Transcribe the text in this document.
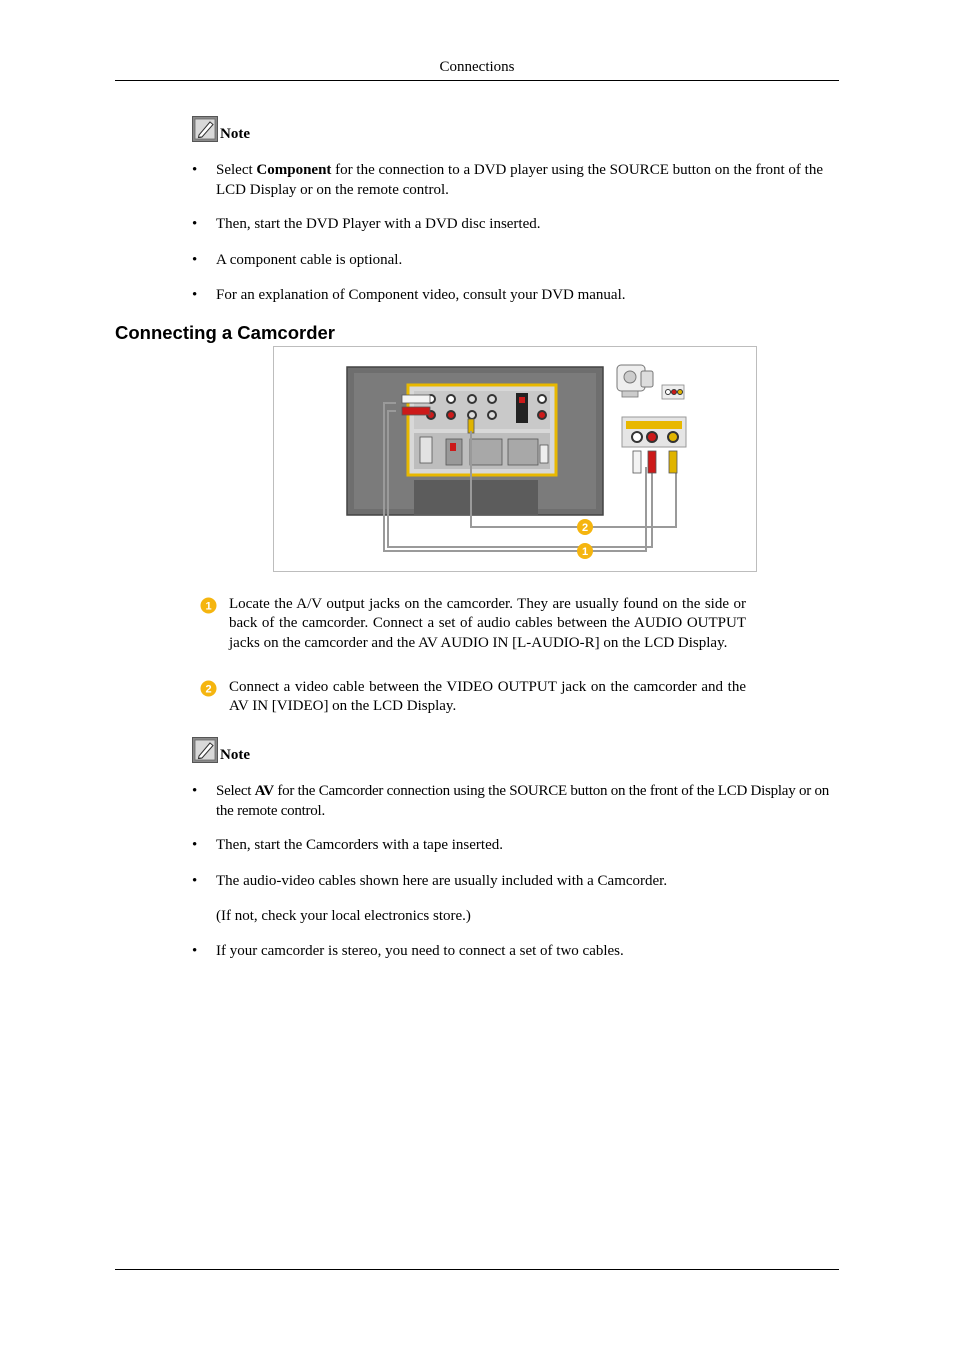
Connections
Note
• Select Component for the connection to a DVD player using the SOURCE button on the front of the LCD Display or on the remote control.
• Then, start the DVD Player with a DVD disc inserted.
• A component cable is optional.
• For an explanation of Component video, consult your DVD manual.
Connecting a Camcorder
2
1
1 Locate the A/V output jacks on the camcorder. They are usually found on the side or back of the camcorder. Connect a set of audio cables between the AUDIO OUTPUT jacks on the camcorder and the AV AUDIO IN [L-AUDIO-R] on the LCD Display.
2 Connect a video cable between the VIDEO OUTPUT jack on the camcorder and the AV IN [VIDEO] on the LCD Display.
Note
• Select AV for the Camcorder connection using the SOURCE button on the front of the LCD Display or on the remote control.
• Then, start the Camcorders with a tape inserted.
• The audio-video cables shown here are usually included with a Camcorder.
(If not, check your local electronics store.)
• If your camcorder is stereo, you need to connect a set of two cables.
